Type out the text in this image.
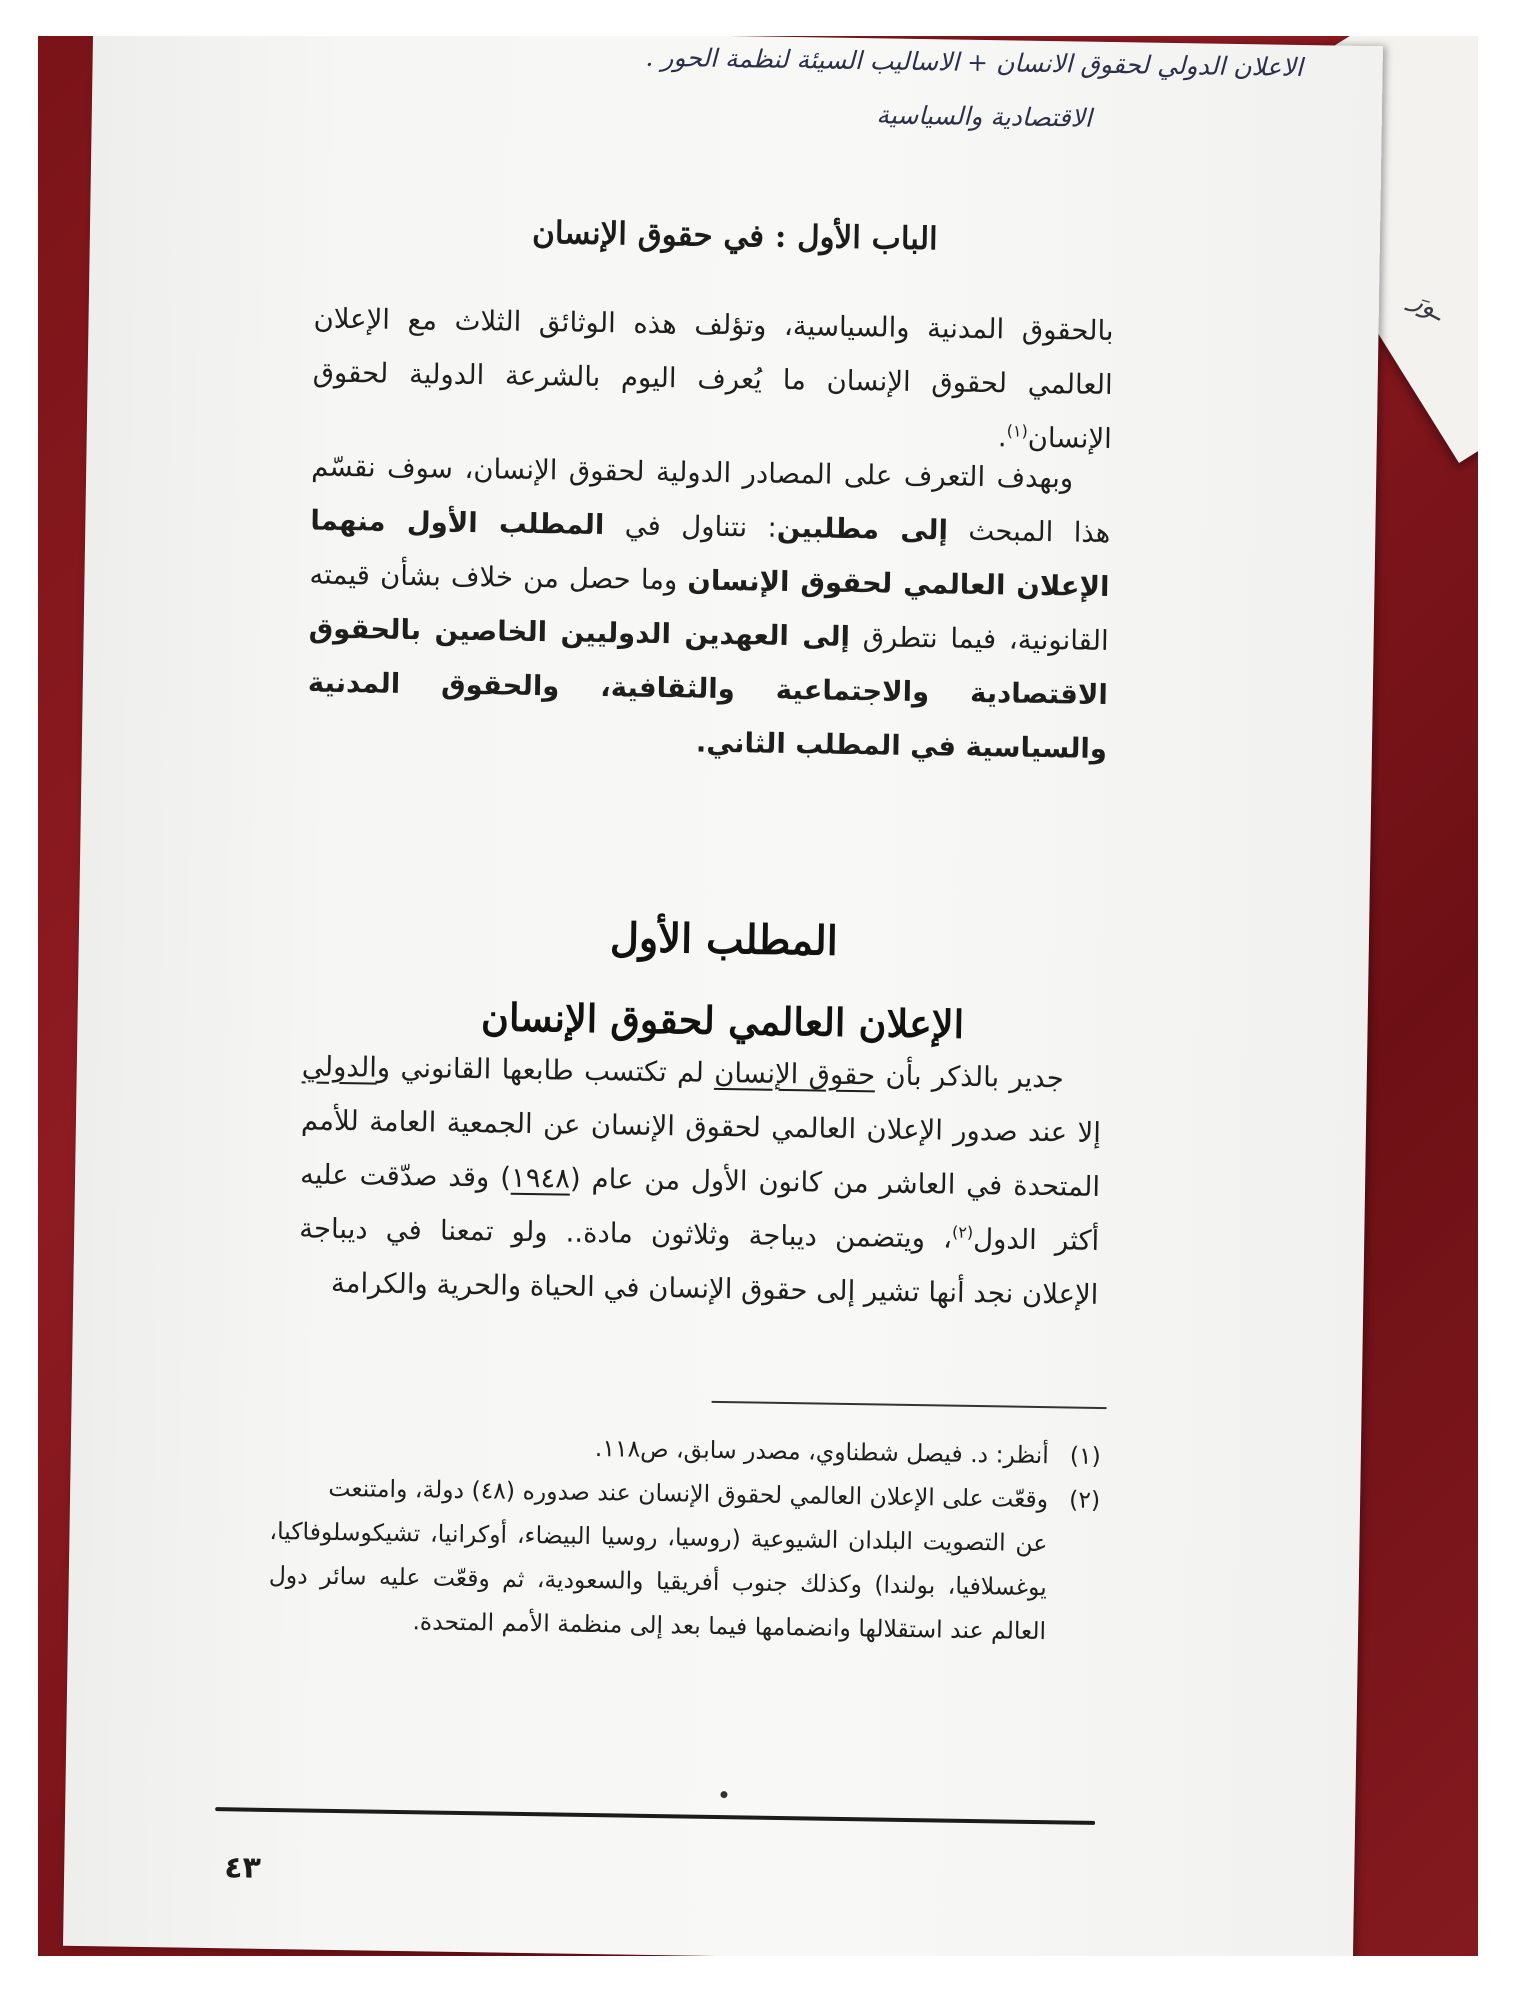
ـورَ
الاعلان الدولي لحقوق الانسان + الاساليب السيئة لنظمة الحور .
الاقتصادية والسياسية
الباب الأول : في حقوق الإنسان
بالحقوق المدنية والسياسية، وتؤلف هذه الوثائق الثلاث مع الإعلان العالمي لحقوق الإنسان ما يُعرف اليوم بالشرعة الدولية لحقوق الإنسان$^{(١)}$.
وبهدف التعرف على المصادر الدولية لحقوق الإنسان، سوف نقسّم هذا المبحث إلى مطلبين: نتناول في المطلب الأول منهما الإعلان العالمي لحقوق الإنسان وما حصل من خلاف بشأن قيمته القانونية، فيما نتطرق إلى العهدين الدوليين الخاصين بالحقوق الاقتصادية والاجتماعية والثقافية، والحقوق المدنية والسياسية في المطلب الثاني.
المطلب الأول
الإعلان العالمي لحقوق الإنسان
جدير بالذكر بأن حقوق الإنسان لم تكتسب طابعها القانوني والدولي إلا عند صدور الإعلان العالمي لحقوق الإنسان عن الجمعية العامة للأمم المتحدة في العاشر من كانون الأول من عام (١٩٤٨) وقد صدّقت عليه أكثر الدول$^{(٢)}$، ويتضمن ديباجة وثلاثون مادة.. ولو تمعنا في ديباجة الإعلان نجد أنها تشير إلى حقوق الإنسان في الحياة والحرية والكرامة

(١)أنظر: د. فيصل شطناوي، مصدر سابق، ص١١٨.

(٢)وقعّت على الإعلان العالمي لحقوق الإنسان عند صدوره (٤٨) دولة، وامتنعت

عن التصويت البلدان الشيوعية (روسيا، روسيا البيضاء، أوكرانيا، تشيكوسلوفاكيا، يوغسلافيا، بولندا) وكذلك جنوب أفريقيا والسعودية، ثم وقعّت عليه سائر دول العالم عند استقلالها وانضمامها فيما بعد إلى منظمة الأمم المتحدة.

٤٣
